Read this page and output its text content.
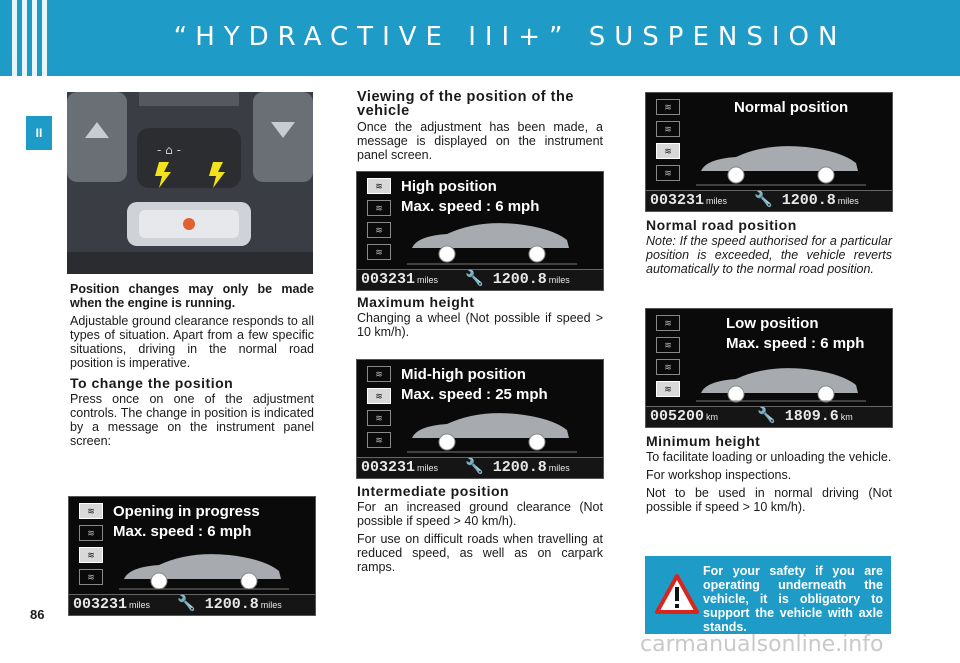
“HYDRACTIVE III+” SUSPENSION
II
86
- ⌂ -

Position changes may only be made when the engine is running.

Adjustable ground clearance responds to all types of situation. Apart from a few specific situations, driving in the normal road position is imperative.

To change the position

Press once on one of the adjustment controls. The change in position is indicated by a message on the instrument panel screen:

≋
≋
≋
≋
Opening in progress
Max. speed : 6 mph
003231 miles 🔧 1200.8 miles
Viewing of the position of the vehicle

Once the adjustment has been made, a message is displayed on the instrument panel screen.

≋
≋
≋
≋
High position
Max. speed : 6 mph
003231 miles 🔧 1200.8 miles
Maximum height

Changing a wheel (Not possible if speed > 10 km/h).

≋
≋
≋
≋
Mid-high position
Max. speed : 25 mph
003231 miles 🔧 1200.8 miles
Intermediate position

For an increased ground clearance (Not possible if speed > 40 km/h).

For use on difficult roads when travelling at reduced speed, as well as on carpark ramps.

≋
≋
≋
≋
Normal position
003231 miles 🔧 1200.8 miles
Normal road position

Note: If the speed authorised for a particular position is exceeded, the vehicle reverts automatically to the normal road position.

≋
≋
≋
≋
Low position
Max. speed : 6 mph
005200 km	🔧 1809.6 km
Minimum height

To facilitate loading or unloading the vehicle.

For workshop inspections.

Not to be used in normal driving (Not possible if speed > 10 km/h).

For your safety if you are operating underneath the vehicle, it is obligatory to support the vehicle with axle stands.
carmanualsonline.info
